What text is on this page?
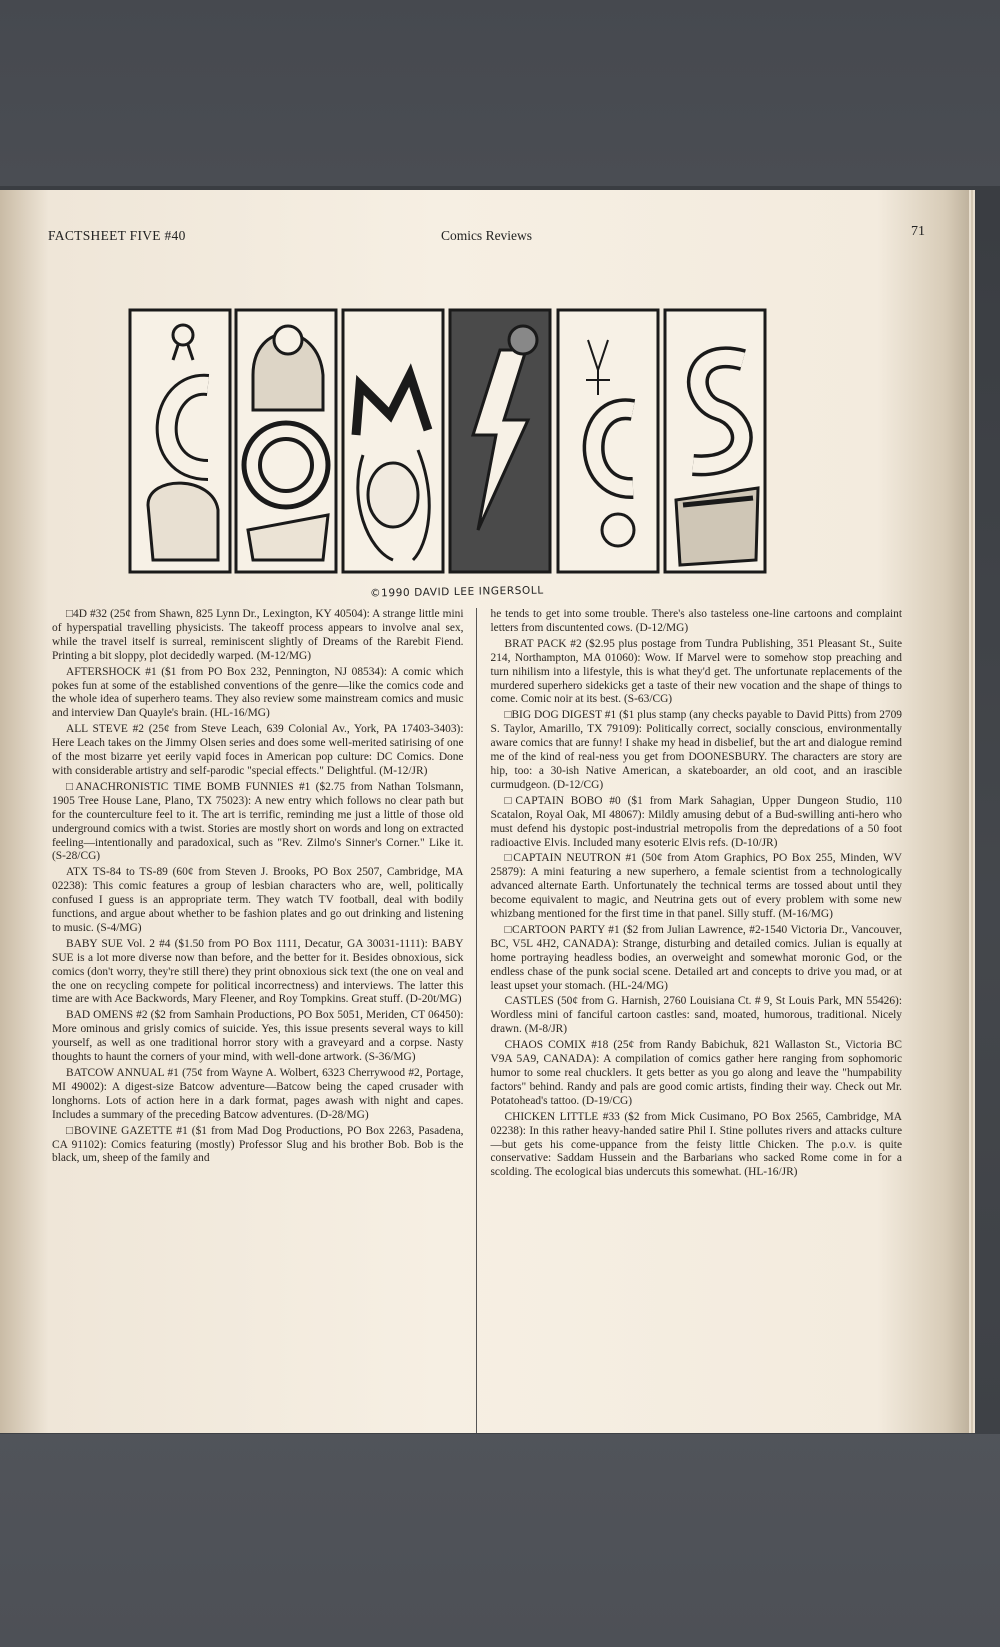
FACTSHEET FIVE #40	Comics Reviews	71
©1990 DAVID LEE INGERSOLL

□4D #32 (25¢ from Shawn, 825 Lynn Dr., Lexington, KY 40504): A strange little mini of hyperspatial travelling physicists. The takeoff process appears to involve anal sex, while the travel itself is surreal, reminiscent slightly of Dreams of the Rarebit Fiend. Printing a bit sloppy, plot decidedly warped. (M-12/MG)

AFTERSHOCK #1 ($1 from PO Box 232, Pennington, NJ 08534): A comic which pokes fun at some of the established conventions of the genre—like the comics code and the whole idea of superhero teams. They also review some mainstream comics and music and interview Dan Quayle's brain. (HL-16/MG)

ALL STEVE #2 (25¢ from Steve Leach, 639 Colonial Av., York, PA 17403-3403): Here Leach takes on the Jimmy Olsen series and does some well-merited satirising of one of the most bizarre yet eerily vapid foces in American pop culture: DC Comics. Done with considerable artistry and self-parodic "special effects." Delightful. (M-12/JR)

□ANACHRONISTIC TIME BOMB FUNNIES #1 ($2.75 from Nathan Tolsmann, 1905 Tree House Lane, Plano, TX 75023): A new entry which follows no clear path but for the counterculture feel to it. The art is terrific, reminding me just a little of those old underground comics with a twist. Stories are mostly short on words and long on extracted feeling—intentionally and paradoxical, such as "Rev. Zilmo's Sinner's Corner." Like it. (S-28/CG)

ATX TS-84 to TS-89 (60¢ from Steven J. Brooks, PO Box 2507, Cambridge, MA 02238): This comic features a group of lesbian characters who are, well, politically confused I guess is an appropriate term. They watch TV football, deal with bodily functions, and argue about whether to be fashion plates and go out drinking and listening to music. (S-4/MG)

BABY SUE Vol. 2 #4 ($1.50 from PO Box 1111, Decatur, GA 30031-1111): BABY SUE is a lot more diverse now than before, and the better for it. Besides obnoxious, sick comics (don't worry, they're still there) they print obnoxious sick text (the one on veal and the one on recycling compete for political incorrectness) and interviews. The latter this time are with Ace Backwords, Mary Fleener, and Roy Tompkins. Great stuff. (D-20t/MG)

BAD OMENS #2 ($2 from Samhain Productions, PO Box 5051, Meriden, CT 06450): More ominous and grisly comics of suicide. Yes, this issue presents several ways to kill yourself, as well as one traditional horror story with a graveyard and a corpse. Nasty thoughts to haunt the corners of your mind, with well-done artwork. (S-36/MG)

BATCOW ANNUAL #1 (75¢ from Wayne A. Wolbert, 6323 Cherrywood #2, Portage, MI 49002): A digest-size Batcow adventure—Batcow being the caped crusader with longhorns. Lots of action here in a dark format, pages awash with night and capes. Includes a summary of the preceding Batcow adventures. (D-28/MG)

□BOVINE GAZETTE #1 ($1 from Mad Dog Productions, PO Box 2263, Pasadena, CA 91102): Comics featuring (mostly) Professor Slug and his brother Bob. Bob is the black, um, sheep of the family and

he tends to get into some trouble. There's also tasteless one-line cartoons and complaint letters from discuntented cows. (D-12/MG)

BRAT PACK #2 ($2.95 plus postage from Tundra Publishing, 351 Pleasant St., Suite 214, Northampton, MA 01060): Wow. If Marvel were to somehow stop preaching and turn nihilism into a lifestyle, this is what they'd get. The unfortunate replacements of the murdered superhero sidekicks get a taste of their new vocation and the shape of things to come. Comic noir at its best. (S-63/CG)

□BIG DOG DIGEST #1 ($1 plus stamp (any checks payable to David Pitts) from 2709 S. Taylor, Amarillo, TX 79109): Politically correct, socially conscious, environmentally aware comics that are funny! I shake my head in disbelief, but the art and dialogue remind me of the kind of real-ness you get from DOONESBURY. The characters are story are hip, too: a 30-ish Native American, a skateboarder, an old coot, and an irascible curmudgeon. (D-12/CG)

□CAPTAIN BOBO #0 ($1 from Mark Sahagian, Upper Dungeon Studio, 110 Scatalon, Royal Oak, MI 48067): Mildly amusing debut of a Bud-swilling anti-hero who must defend his dystopic post-industrial metropolis from the depredations of a 50 foot radioactive Elvis. Included many esoteric Elvis refs. (D-10/JR)

□CAPTAIN NEUTRON #1 (50¢ from Atom Graphics, PO Box 255, Minden, WV 25879): A mini featuring a new superhero, a female scientist from a technologically advanced alternate Earth. Unfortunately the technical terms are tossed about until they become equivalent to magic, and Neutrina gets out of every problem with some new whizbang mentioned for the first time in that panel. Silly stuff. (M-16/MG)

□CARTOON PARTY #1 ($2 from Julian Lawrence, #2-1540 Victoria Dr., Vancouver, BC, V5L 4H2, CANADA): Strange, disturbing and detailed comics. Julian is equally at home portraying headless bodies, an overweight and somewhat moronic God, or the endless chase of the punk social scene. Detailed art and concepts to drive you mad, or at least upset your stomach. (HL-24/MG)

CASTLES (50¢ from G. Harnish, 2760 Louisiana Ct. # 9, St Louis Park, MN 55426): Wordless mini of fanciful cartoon castles: sand, moated, humorous, traditional. Nicely drawn. (M-8/JR)

CHAOS COMIX #18 (25¢ from Randy Babichuk, 821 Wallaston St., Victoria BC V9A 5A9, CANADA): A compilation of comics gather here ranging from sophomoric humor to some real chucklers. It gets better as you go along and leave the "humpability factors" behind. Randy and pals are good comic artists, finding their way. Check out Mr. Potatohead's tattoo. (D-19/CG)

CHICKEN LITTLE #33 ($2 from Mick Cusimano, PO Box 2565, Cambridge, MA 02238): In this rather heavy-handed satire Phil I. Stine pollutes rivers and attacks culture—but gets his come-uppance from the feisty little Chicken. The p.o.v. is quite conservative: Saddam Hussein and the Barbarians who sacked Rome come in for a scolding. The ecological bias undercuts this somewhat. (HL-16/JR)
